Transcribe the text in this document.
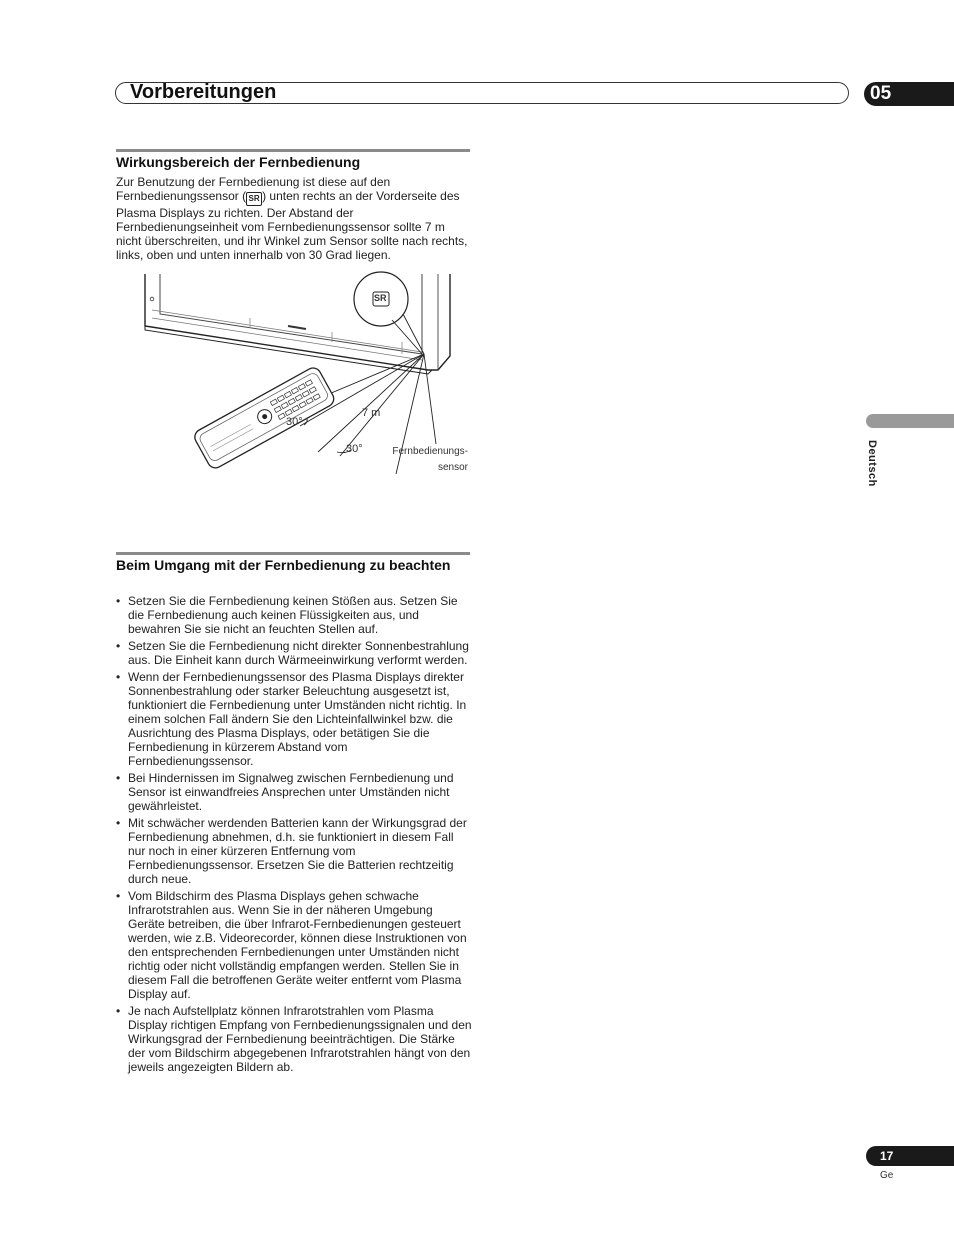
Vorbereitungen	05
Wirkungsbereich der Fernbedienung
Zur Benutzung der Fernbedienung ist diese auf den Fernbedienungssensor ( SR ) unten rechts an der Vorderseite des Plasma Displays zu richten. Der Abstand der Fernbedienungseinheit vom Fernbedienungssensor sollte 7 m nicht überschreiten, und ihr Winkel zum Sensor sollte nach rechts, links, oben und unten innerhalb von 30 Grad liegen.
SR
30°
7 m
30°	Fernbedienungs-
sensor
Beim Umgang mit der Fernbedienung zu beachten
• Setzen Sie die Fernbedienung keinen Stößen aus. Setzen Sie die Fernbedienung auch keinen Flüssigkeiten aus, und bewahren Sie sie nicht an feuchten Stellen auf.
• Setzen Sie die Fernbedienung nicht direkter Sonnenbestrahlung aus. Die Einheit kann durch Wärmeeinwirkung verformt werden.
• Wenn der Fernbedienungssensor des Plasma Displays direkter Sonnenbestrahlung oder starker Beleuchtung ausgesetzt ist, funktioniert die Fernbedienung unter Umständen nicht richtig. In einem solchen Fall ändern Sie den Lichteinfallwinkel bzw. die Ausrichtung des Plasma Displays, oder betätigen Sie die Fernbedienung in kürzerem Abstand vom Fernbedienungssensor.
• Bei Hindernissen im Signalweg zwischen Fernbedienung und Sensor ist einwandfreies Ansprechen unter Umständen nicht gewährleistet.
• Mit schwächer werdenden Batterien kann der Wirkungsgrad der Fernbedienung abnehmen, d.h. sie funktioniert in diesem Fall nur noch in einer kürzeren Entfernung vom Fernbedienungssensor. Ersetzen Sie die Batterien rechtzeitig durch neue.
• Vom Bildschirm des Plasma Displays gehen schwache Infrarotstrahlen aus. Wenn Sie in der näheren Umgebung Geräte betreiben, die über Infrarot-Fernbedienungen gesteuert werden, wie z.B. Videorecorder, können diese Instruktionen von den entsprechenden Fernbedienungen unter Umständen nicht richtig oder nicht vollständig empfangen werden. Stellen Sie in diesem Fall die betroffenen Geräte weiter entfernt vom Plasma Display auf.
• Je nach Aufstellplatz können Infrarotstrahlen vom Plasma Display richtigen Empfang von Fernbedienungssignalen und den Wirkungsgrad der Fernbedienung beeinträchtigen. Die Stärke der vom Bildschirm abgegebenen Infrarotstrahlen hängt von den jeweils angezeigten Bildern ab.
Deutsch
17
Ge
